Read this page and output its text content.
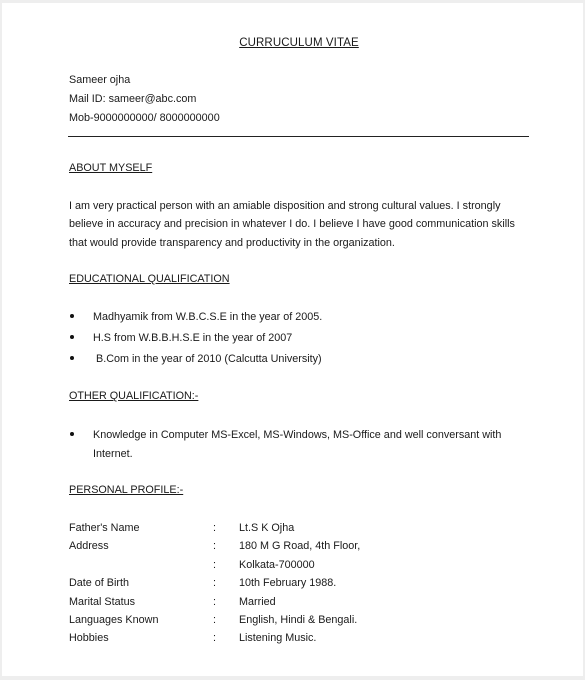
CURRUCULUM VITAE
Sameer ojha
Mail ID: sameer@abc.com
Mob-9000000000/ 8000000000
ABOUT MYSELF
I am very practical person with an amiable disposition and strong cultural values. I strongly
believe in accuracy and precision in whatever I do. I believe I have good communication skills
that would provide transparency and productivity in the organization.
EDUCATIONAL QUALIFICATION
Madhyamik from W.B.C.S.E in the year of 2005.
H.S from W.B.B.H.S.E in the year of 2007
B.Com in the year of 2010 (Calcutta University)
OTHER QUALIFICATION:-
Knowledge in Computer MS-Excel, MS-Windows, MS-Office and well conversant with
Internet.
PERSONAL PROFILE:-
Father's Name	: Lt.S K Ojha
Address	: 180 M G Road, 4th Floor,
: Kolkata-700000
Date of Birth	: 10th February 1988.
Marital Status	: Married
Languages Known	: English, Hindi & Bengali.
Hobbies	: Listening Music.
